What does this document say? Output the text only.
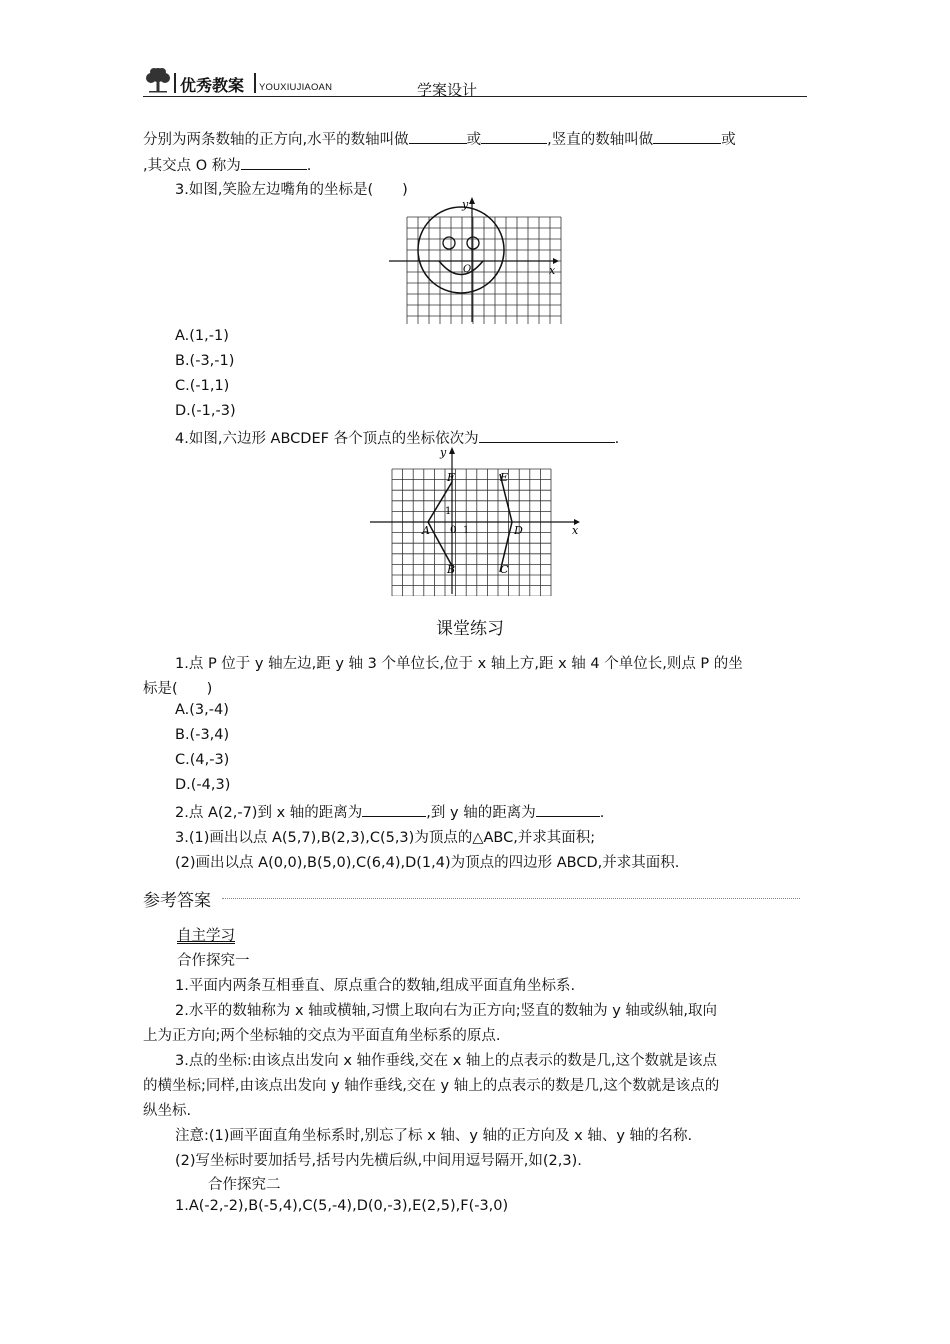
优秀教案 YOUXIUJIAOAN	学案设计
分别为两条数轴的正方向,水平的数轴叫做	或	,竖直的数轴叫做	或
,其交点 O 称为	.
3.如图,笑脸左边嘴角的坐标是(　　)
x
y
O
A.(1,-1)
B.(-3,-1)
C.(-1,1)
D.(-1,-3)
4.如图,六边形 ABCDEF 各个顶点的坐标依次为	.
A
B	C
D
E
F
0 1
1
x
y
课堂练习
1.点 P 位于 y 轴左边,距 y 轴 3 个单位长,位于 x 轴上方,距 x 轴 4 个单位长,则点 P 的坐
标是(　　)
A.(3,-4)
B.(-3,4)
C.(4,-3)
D.(-4,3)
2.点 A(2,-7)到 x 轴的距离为	,到 y 轴的距离为	.
3.(1)画出以点 A(5,7),B(2,3),C(5,3)为顶点的△ABC,并求其面积;
(2)画出以点 A(0,0),B(5,0),C(6,4),D(1,4)为顶点的四边形 ABCD,并求其面积.
参考答案
自主学习
合作探究一
1.平面内两条互相垂直、原点重合的数轴,组成平面直角坐标系.
2.水平的数轴称为 x 轴或横轴,习惯上取向右为正方向;竖直的数轴为 y 轴或纵轴,取向
上为正方向;两个坐标轴的交点为平面直角坐标系的原点.
3.点的坐标:由该点出发向 x 轴作垂线,交在 x 轴上的点表示的数是几,这个数就是该点
的横坐标;同样,由该点出发向 y 轴作垂线,交在 y 轴上的点表示的数是几,这个数就是该点的
纵坐标.
注意:(1)画平面直角坐标系时,别忘了标 x 轴、y 轴的正方向及 x 轴、y 轴的名称.
(2)写坐标时要加括号,括号内先横后纵,中间用逗号隔开,如(2,3).
合作探究二
1.A(-2,-2),B(-5,4),C(5,-4),D(0,-3),E(2,5),F(-3,0)
